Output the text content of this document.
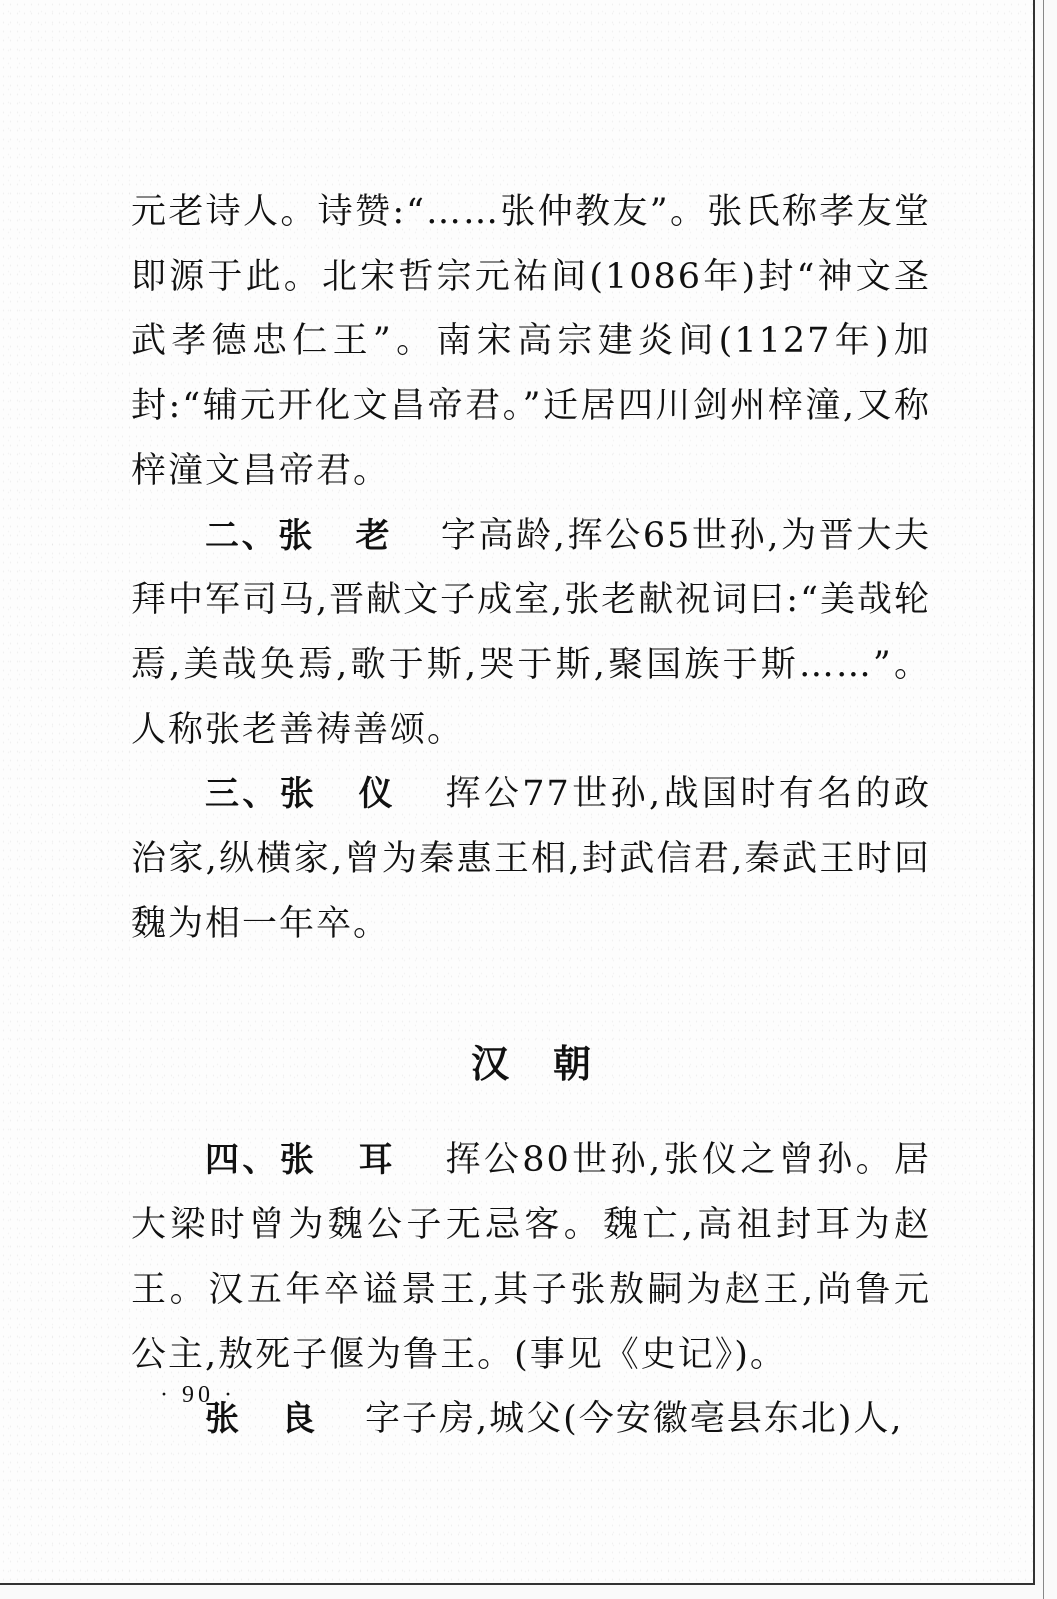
元老诗人。诗赞:“……张仲教友”。张氏称孝友堂即源于此。北宋哲宗元祐间(1086年)封“神文圣武孝德忠仁王”。南宋高宗建炎间(1127年)加封:“辅元开化文昌帝君。”迁居四川剑州梓潼,又称梓潼文昌帝君。

二、张 老 字高龄,挥公65世孙,为晋大夫拜中军司马,晋献文子成室,张老献祝词曰:“美哉轮焉,美哉奂焉,歌于斯,哭于斯,聚国族于斯……”。人称张老善祷善颂。

三、张 仪 挥公77世孙,战国时有名的政治家,纵横家,曾为秦惠王相,封武信君,秦武王时回魏为相一年卒。

汉朝

四、张 耳 挥公80世孙,张仪之曾孙。居大梁时曾为魏公子无忌客。魏亡,高祖封耳为赵王。汉五年卒谥景王,其子张敖嗣为赵王,尚鲁元公主,敖死子偃为鲁王。(事见《史记》)。

张 良 字子房,城父(今安徽亳县东北)人,

· 90 ·
